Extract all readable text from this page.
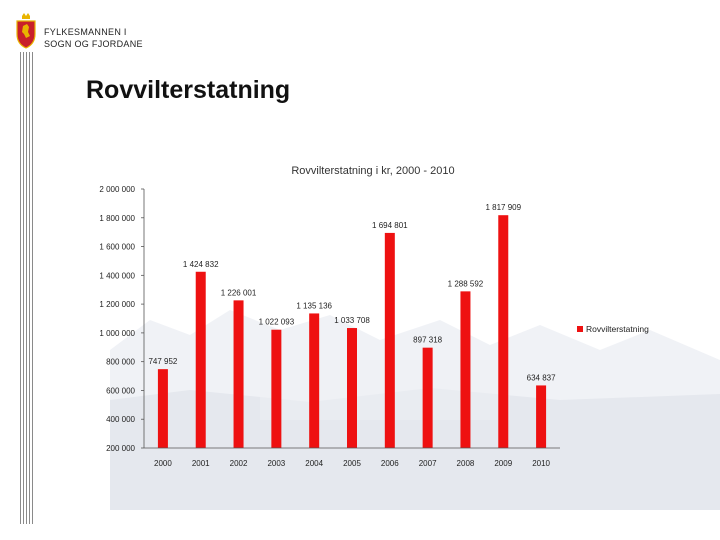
FYLKESMANNEN I
SOGN OG FJORDANE
Rovvilterstatning
Rovvilterstatning i kr, 2000 - 2010
200 000
400 000
600 000
800 000
1 000 000
1 200 000
1 400 000
1 600 000
1 800 000
2 000 000
747 952
1 424 832
1 226 001
1 022 093
1 135 136
1 033 708
1 694 801
897 318
1 288 592
1 817 909
634 837
2000	2001	2002	2003	2004	2005	2006	2007	2008	2009	2010
Rovvilterstatning
